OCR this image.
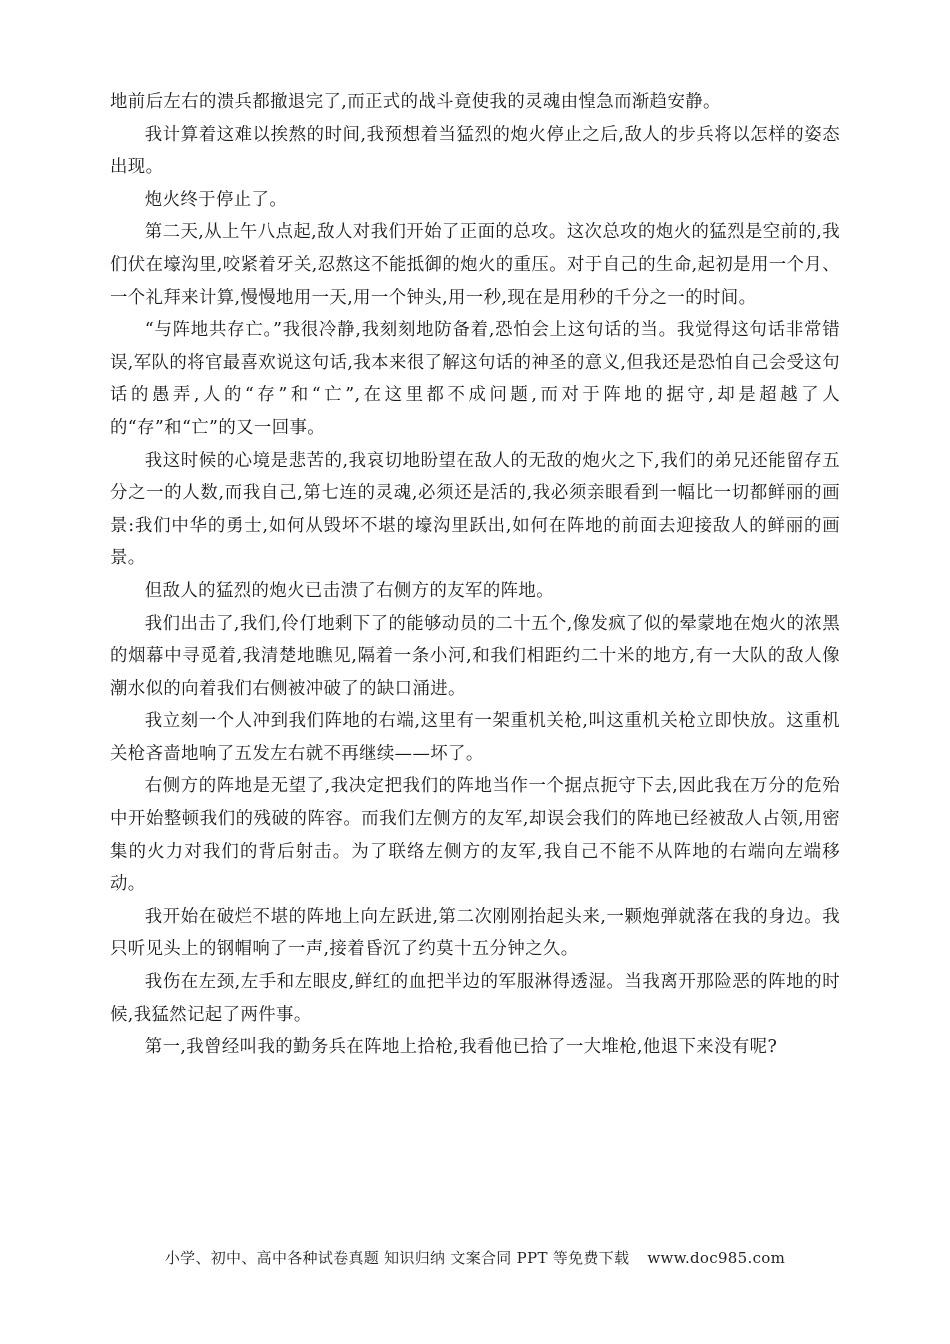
地前后左右的溃兵都撤退完了,而正式的战斗竟使我的灵魂由惶急而渐趋安静。

我计算着这难以挨熬的时间,我预想着当猛烈的炮火停止之后,敌人的步兵将以怎样的姿态出现。

炮火终于停止了。

第二天,从上午八点起,敌人对我们开始了正面的总攻。这次总攻的炮火的猛烈是空前的,我们伏在壕沟里,咬紧着牙关,忍熬这不能抵御的炮火的重压。对于自己的生命,起初是用一个月、一个礼拜来计算,慢慢地用一天,用一个钟头,用一秒,现在是用秒的千分之一的时间。

“与阵地共存亡。”我很冷静,我刻刻地防备着,恐怕会上这句话的当。我觉得这句话非常错误,军队的将官最喜欢说这句话,我本来很了解这句话的神圣的意义,但我还是恐怕自己会受这句话的愚弄,人的“存”和“亡”,在这里都不成问题,而对于阵地的据守,却是超越了人的“存”和“亡”的又一回事。

我这时候的心境是悲苦的,我哀切地盼望在敌人的无敌的炮火之下,我们的弟兄还能留存五分之一的人数,而我自己,第七连的灵魂,必须还是活的,我必须亲眼看到一幅比一切都鲜丽的画景:我们中华的勇士,如何从毁坏不堪的壕沟里跃出,如何在阵地的前面去迎接敌人的鲜丽的画景。

但敌人的猛烈的炮火已击溃了右侧方的友军的阵地。

我们出击了,我们,伶仃地剩下了的能够动员的二十五个,像发疯了似的晕蒙地在炮火的浓黑的烟幕中寻觅着,我清楚地瞧见,隔着一条小河,和我们相距约二十米的地方,有一大队的敌人像潮水似的向着我们右侧被冲破了的缺口涌进。

我立刻一个人冲到我们阵地的右端,这里有一架重机关枪,叫这重机关枪立即快放。这重机关枪吝啬地响了五发左右就不再继续——坏了。

右侧方的阵地是无望了,我决定把我们的阵地当作一个据点扼守下去,因此我在万分的危殆中开始整顿我们的残破的阵容。而我们左侧方的友军,却误会我们的阵地已经被敌人占领,用密集的火力对我们的背后射击。为了联络左侧方的友军,我自己不能不从阵地的右端向左端移动。

我开始在破烂不堪的阵地上向左跃进,第二次刚刚抬起头来,一颗炮弹就落在我的身边。我只听见头上的钢帽响了一声,接着昏沉了约莫十五分钟之久。

我伤在左颈,左手和左眼皮,鲜红的血把半边的军服淋得透湿。当我离开那险恶的阵地的时候,我猛然记起了两件事。

第一,我曾经叫我的勤务兵在阵地上拾枪,我看他已拾了一大堆枪,他退下来没有呢?

小学、初中、高中各种试卷真题 知识归纳 文案合同 PPT 等免费下载 www.doc985.com
